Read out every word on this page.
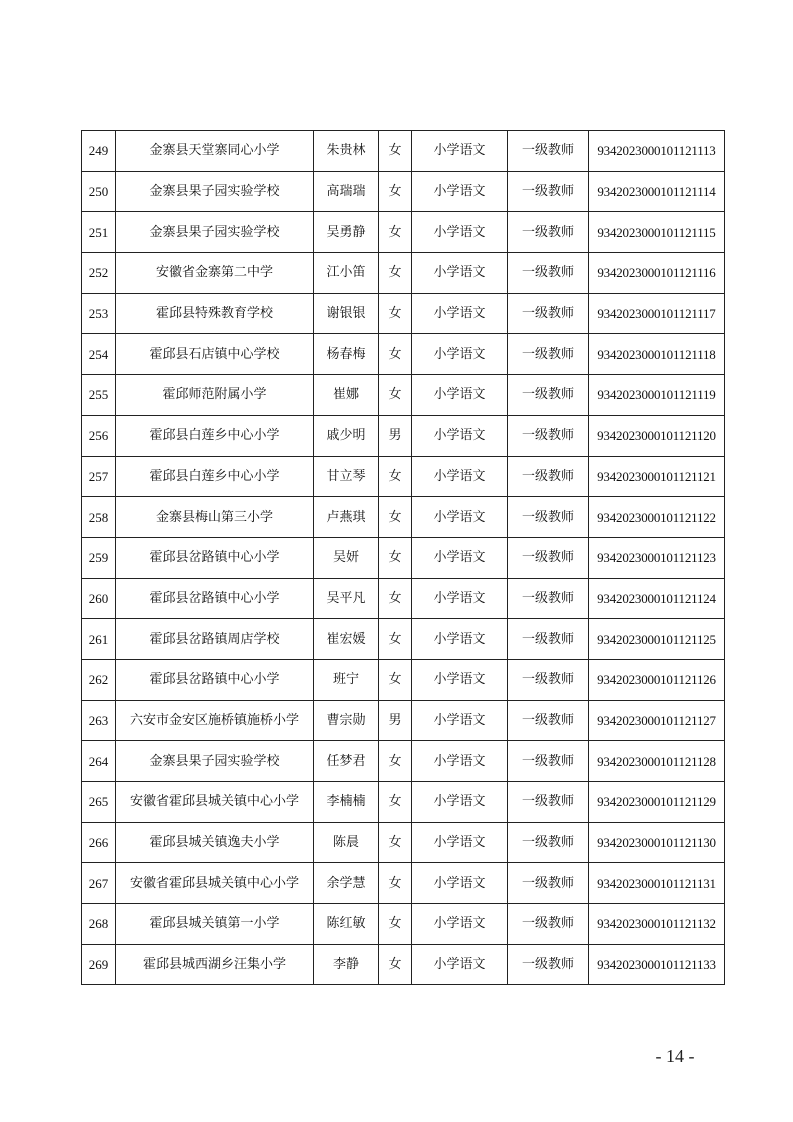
249	金寨县天堂寨同心小学	朱贵林	女	小学语文	一级教师	9342023000101121113
250	金寨县果子园实验学校	高瑞瑞	女	小学语文	一级教师	9342023000101121114
251	金寨县果子园实验学校	吴勇静	女	小学语文	一级教师	9342023000101121115
252	安徽省金寨第二中学	江小笛	女	小学语文	一级教师	9342023000101121116
253	霍邱县特殊教育学校	谢银银	女	小学语文	一级教师	9342023000101121117
254	霍邱县石店镇中心学校	杨春梅	女	小学语文	一级教师	9342023000101121118
255	霍邱师范附属小学	崔娜	女	小学语文	一级教师	9342023000101121119
256	霍邱县白莲乡中心小学	戚少明	男	小学语文	一级教师	9342023000101121120
257	霍邱县白莲乡中心小学	甘立琴	女	小学语文	一级教师	9342023000101121121
258	金寨县梅山第三小学	卢燕琪	女	小学语文	一级教师	9342023000101121122
259	霍邱县岔路镇中心小学	吴妍	女	小学语文	一级教师	9342023000101121123
260	霍邱县岔路镇中心小学	吴平凡	女	小学语文	一级教师	9342023000101121124
261	霍邱县岔路镇周店学校	崔宏媛	女	小学语文	一级教师	9342023000101121125
262	霍邱县岔路镇中心小学	班宁	女	小学语文	一级教师	9342023000101121126
263	六安市金安区施桥镇施桥小学	曹宗勋	男	小学语文	一级教师	9342023000101121127
264	金寨县果子园实验学校	任梦君	女	小学语文	一级教师	9342023000101121128
265	安徽省霍邱县城关镇中心小学	李楠楠	女	小学语文	一级教师	9342023000101121129
266	霍邱县城关镇逸夫小学	陈晨	女	小学语文	一级教师	9342023000101121130
267	安徽省霍邱县城关镇中心小学	余学慧	女	小学语文	一级教师	9342023000101121131
268	霍邱县城关镇第一小学	陈红敏	女	小学语文	一级教师	9342023000101121132
269	霍邱县城西湖乡汪集小学	李静	女	小学语文	一级教师	9342023000101121133
- 14 -
